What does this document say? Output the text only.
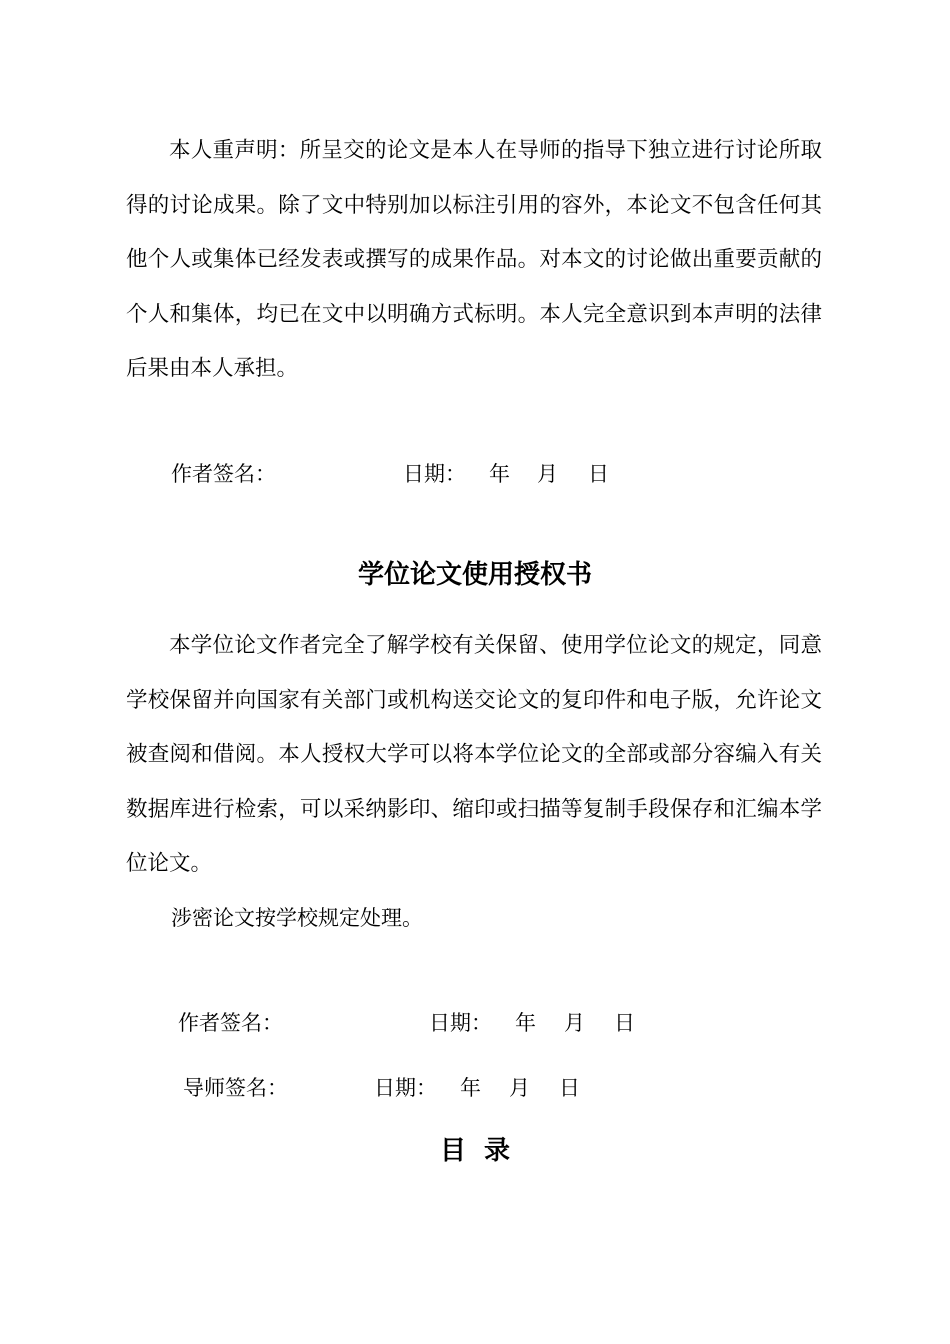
本人重声明：所呈交的论文是本人在导师的指导下独立进行讨论所取得的讨论成果。除了文中特别加以标注引用的容外，本论文不包含任何其他个人或集体已经发表或撰写的成果作品。对本文的讨论做出重要贡献的个人和集体，均已在文中以明确方式标明。本人完全意识到本声明的法律后果由本人承担。

作者签名：	日期： 年 月 日
学位论文使用授权书

本学位论文作者完全了解学校有关保留、使用学位论文的规定，同意学校保留并向国家有关部门或机构送交论文的复印件和电子版，允许论文被查阅和借阅。本人授权大学可以将本学位论文的全部或部分容编入有关数据库进行检索，可以采纳影印、缩印或扫描等复制手段保存和汇编本学位论文。

涉密论文按学校规定处理。
作者签名：	日期： 年 月 日
导师签名：	日期： 年 月 日
目  录
